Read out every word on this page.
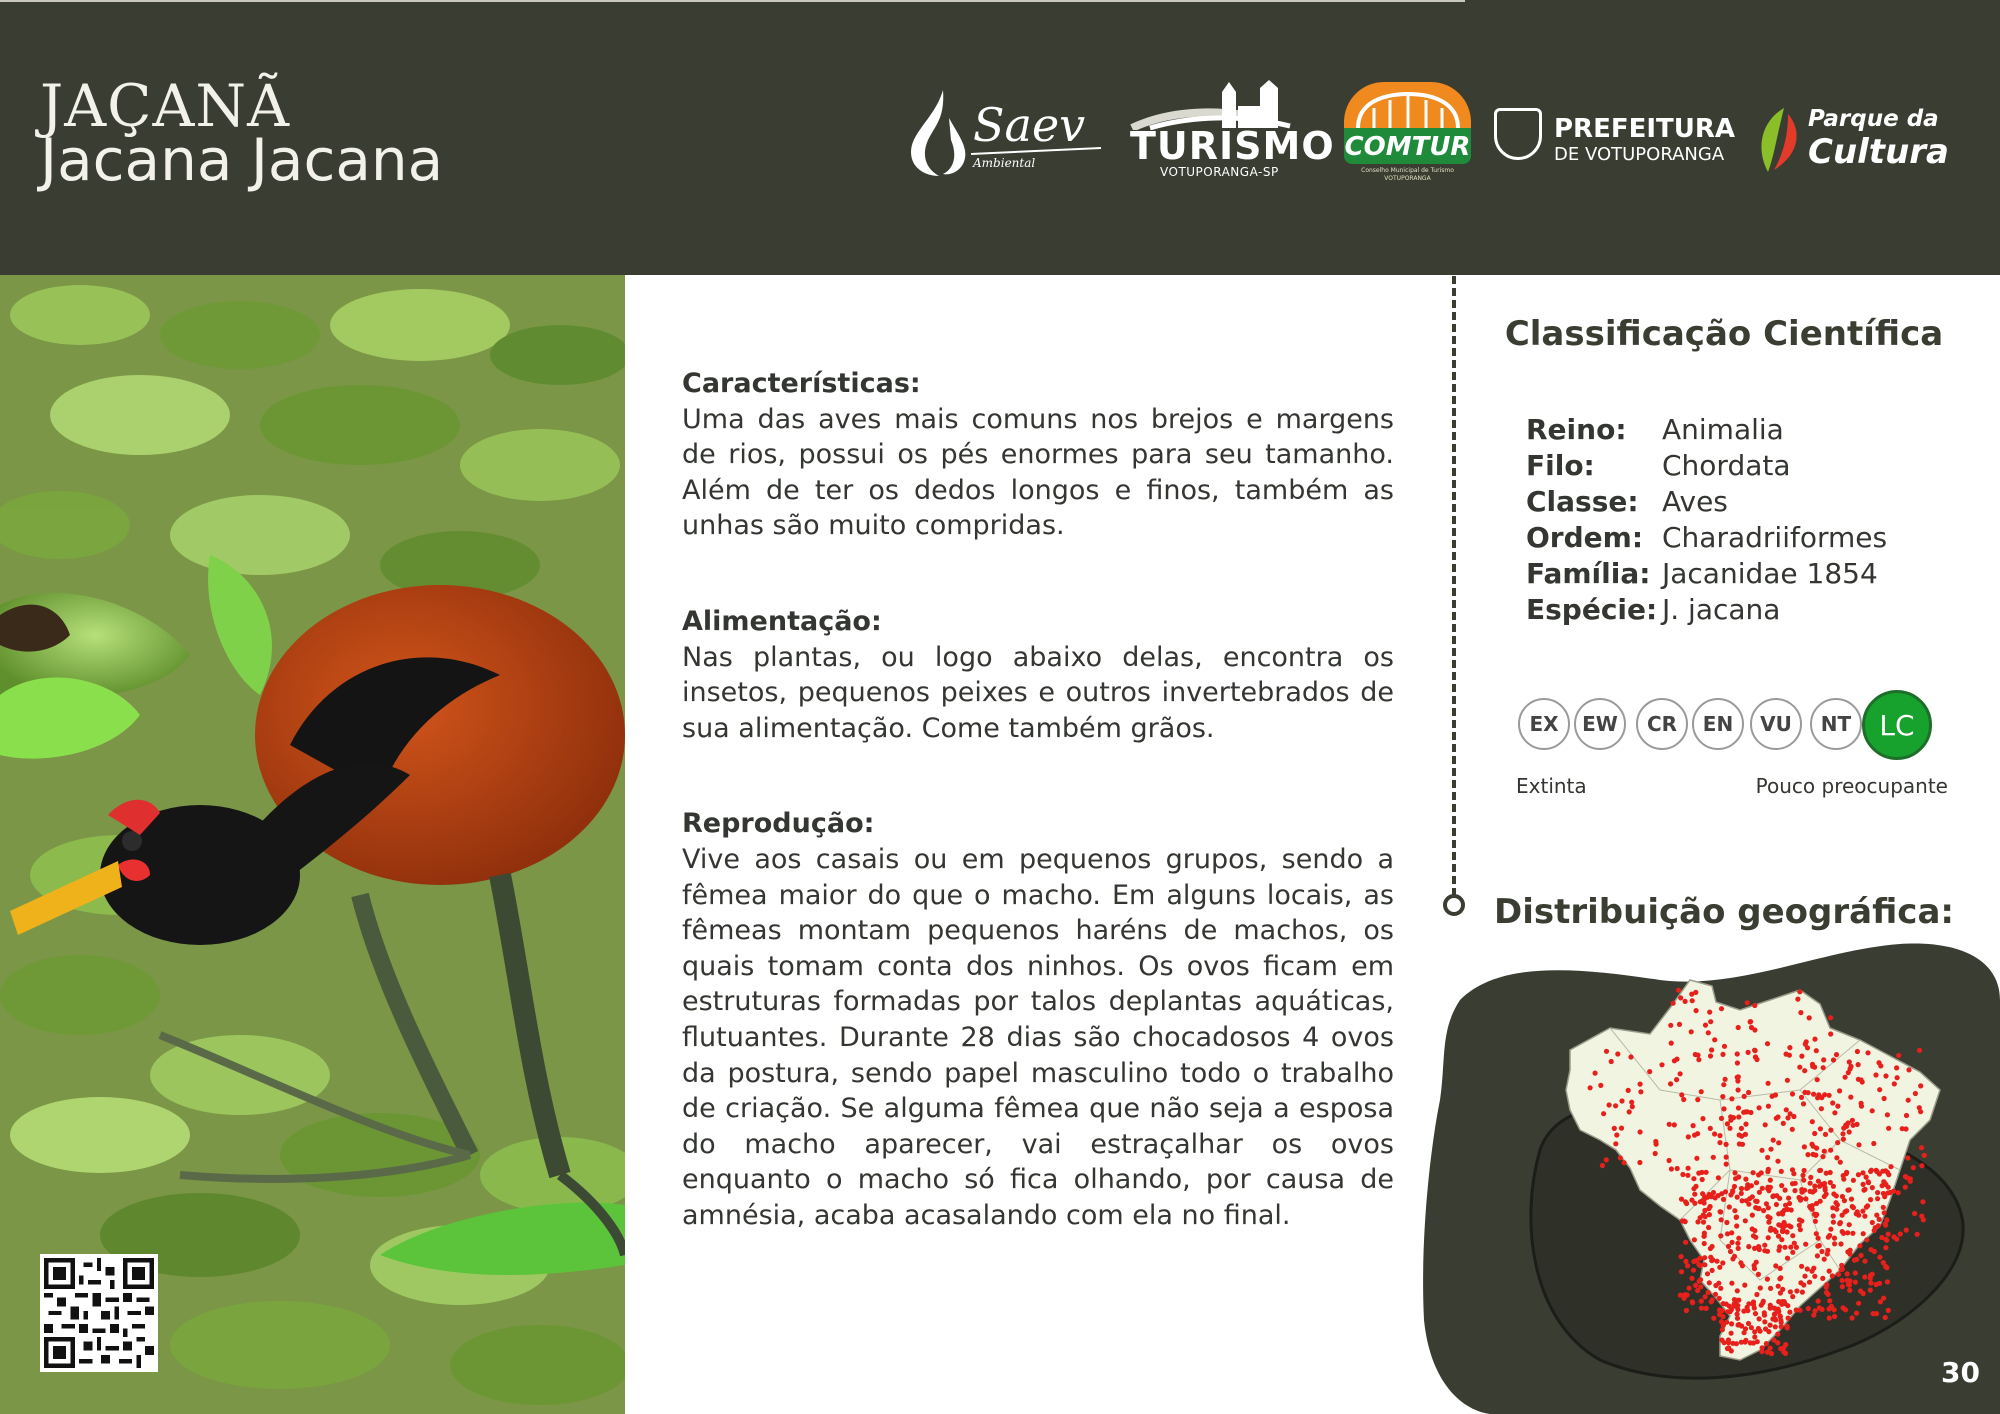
JAÇANÃ
Jacana Jacana
Saev
Ambiental TURISMO
VOTUPORANGA-SP
COMTUR
Conselho Municipal de Turismo VOTUPORANGA
PREFEITURA
DE VOTUPORANGA
Parque da
Cultura
Características:

Uma das aves mais comuns nos brejos e margens de rios, possui os pés enormes para seu tamanho. Além de ter os dedos longos e finos, também as unhas são muito compridas.

Alimentação:

Nas plantas, ou logo abaixo delas, encontra os insetos, pequenos peixes e outros invertebrados de sua alimentação. Come também grãos.

Reprodução:

Vive aos casais ou em pequenos grupos, sendo a fêmea maior do que o macho. Em alguns locais, as fêmeas montam pequenos haréns de machos, os quais tomam conta dos ninhos. Os ovos ficam em estruturas formadas por talos deplantas aquáticas, flutuantes. Durante 28 dias são chocadosos 4 ovos da postura, sendo papel masculino todo o trabalho de criação. Se alguma fêmea que não seja a esposa do macho aparecer, vai estraçalhar os ovos enquanto o macho só fica olhando, por causa de amnésia, acaba acasalando com ela no final.

Classificação Científica
Reino:	Animalia
Filo:	Chordata
Classe: Aves
Ordem: Charadriiformes
Família: Jacanidae 1854
Espécie: J. jacana
EX	EW	CR	EN	VU	NT	LC
Extinta	Pouco preocupante
Distribuição geográfica:
30
